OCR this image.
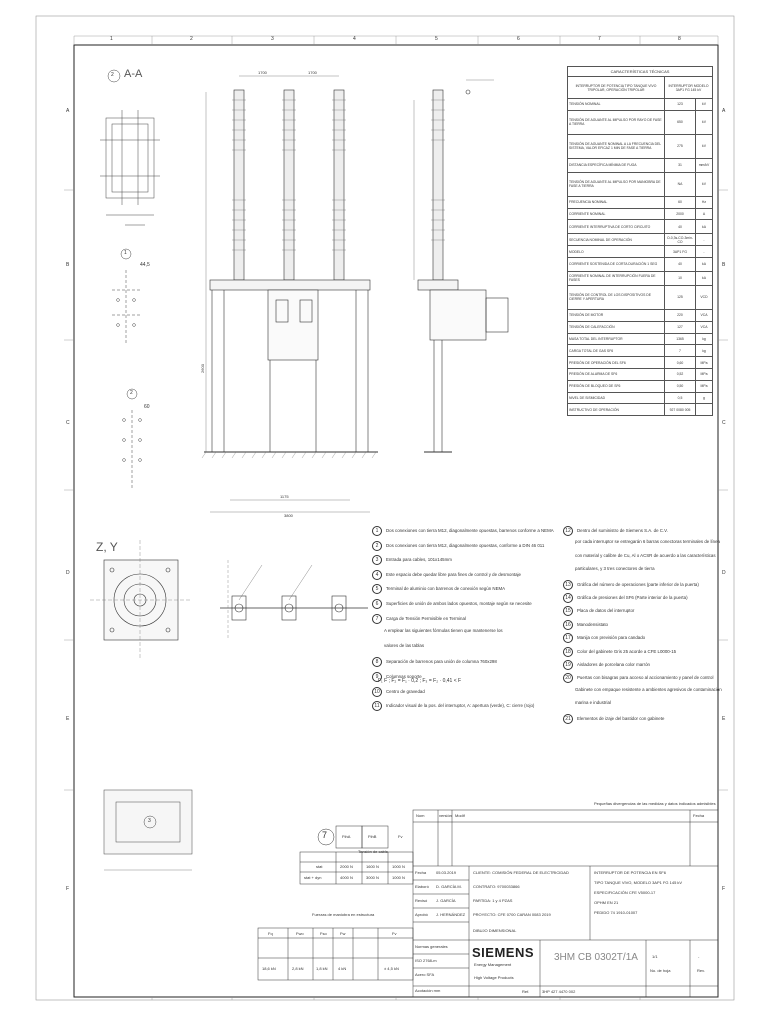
1	2	3	4	5	6	7	8
A
B
C
D
E
F
A
B
C
D
E
F
A-A
Z, Y
2
1
2
3
7
1700	1700
3800
1175
2600
44,5
60
CARACTERÍSTICAS TÉCNICAS		
INTERRUPTOR DE POTENCIA TIPO TANQUE VIVO TRIPOLAR, OPERACIÓN TRIPOLAR	INTERRUPTOR MODELO 3AP1 FG 145 kV	
TENSIÓN NOMINAL	123	kV
TENSIÓN DE AGUANTE AL IMPULSO POR RAYO DE FASE A TIERRA	650	kV
TENSIÓN DE AGUANTE NOMINAL A LA FRECUENCIA DEL SISTEMA, VALOR EFICAZ 1 MIN DE FASE A TIERRA	275	kV
DISTANCIA ESPECÍFICA MÍNIMA DE FUGA	31	mm/kV
TENSIÓN DE AGUANTE AL IMPULSO POR MANIOBRA DE FASE A TIERRA	NA	kV
FRECUENCIA NOMINAL	60	Hz
CORRIENTE NOMINAL	2000	A
CORRIENTE INTERRUPTIVA DE CORTO CIRCUITO	40	kA
SECUENCIA NOMINAL DE OPERACIÓN	O-0,3s-CO-3min-CO	-
MODELO	3AP1 FG	-
CORRIENTE SOSTENIDA DE CORTA DURACIÓN 1 SEG	40	kA
CORRIENTE NOMINAL DE INTERRUPCIÓN FUERA DE FASES	10	kA
TENSIÓN DE CONTROL DE LOS DISPOSITIVOS DE CIERRE Y APERTURA	125	VCD
TENSIÓN DE MOTOR	220	VCA
TENSIÓN DE CALEFACCIÓN	127	VCA
MASA TOTAL DEL INTERRUPTOR	1365	kg
CARGA TOTAL DE GAS SF6	7	kg
PRESIÓN DE OPERACIÓN DEL SF6	0,60	MPa
PRESIÓN DE ALARMA DE SF6	0,52	MPa
PRESIÓN DE BLOQUEO DE SF6	0,50	MPa
NIVEL DE SISMICIDAD	0,5	g
INSTRUCTIVO DE OPERACIÓN	927 0080 005	
1 Dos conexiones con tierra M12, diagonalmente opuestas, barrenos conforme a NEMA
2 Dos conexiones con tierra M12, diagonalmente opuestas, conforme a DIN 46 011
3 Entrada para cables, 101x145mm
4 Este espacio debe quedar libre para fines de control y de desmontaje
5 Terminal de aluminio con barrenos de conexión según NEMA
6 Superficies de unión de ambos lados opuestos, montaje según se necesite
7 Carga de Tensión Permisible en Terminal
A emplear las siguientes fórmulas tienen que mantenerse los
valores de las tablas
8 Separación de barrenos para unión de columna 760x298
9 Columnas soporte
10 Centro de gravedad
11 Indicador visual de la pos. del interruptor, A: apertura (verde), C: cierre (rojo)
12 Dentro del suministro de Siemens S.A. de C.V.
por cada interruptor se entregarán 6 barras conectoras terminales de línea
con material y calibre de Cu, Al o ACSR de acuerdo a las características
particulares, y 3 tres conectores de tierra
13 Gráfica del número de operaciones (parte inferior de la puerta)
14 Gráfica de presiones del SF6 (Parte interior de la puerta)
15 Placa de datos del interruptor
16 Manodensistato
17 Manija con previsión para candado
18 Color del gabinete Gris 25 acorde a CFE L0000-15
19 Aisladores de porcelana color marrón
20 Puertas con bisagras para acceso al accionamiento y panel de control
Gabinete con empaque resistente a ambientes agresivos de contaminación
marina e industrial
21 Elementos de izaje del bastidor con gabinete
F₁ F ; F₂ = F₁ · 0,2 ; F₃ = F₂ · 0,41 < F
Tensión de cable
FthA	FthB	Fv
stat	2000 N	1600 N	1000 N
stat + dyn	4000 N	3000 N	1000 N
Fuerzas de maniobra en estructura
Fq	Fwo	Fso	Fw	Fv
18,6 kN	2,8 kN	1,8 kN	4 kN	± 4,5 kN
Pequeñas divergencias de las medidas y datos indicados admisibles
Nom	versión Modif	Fecha
Fecha 05.03.2019
Elaboró D. GARCÍA M.
Revisó J. GARCÍA
Aprobó J. HERNÁNDEZ
CLIENTE: COMISIÓN FEDERAL DE ELECTRICIDAD
CONTRATO: 9700033866
PARTIDA: 1 y 4 PZAS
PROYECTO: CFE 0700 CARAN 0083 2019
DIBUJO DIMENSIONAL
INTERRUPTOR DE POTENCIA EN SF6
TIPO TANQUE VIVO, MODELO 3AP1 FG 145 kV
ESPECIFICACIÓN CFE V5000-17
OPHM EN 21
PEDIDO 74 1910-01007
Normas generales
ISO 2768-m
Acero SFA
Acotación mm
SIEMENS
Energy Management
High Voltage Products
3HM CB 0302T/1A
Ref.	3HP 427 4470 002
1/1
No. de hoja
-
Rev.
